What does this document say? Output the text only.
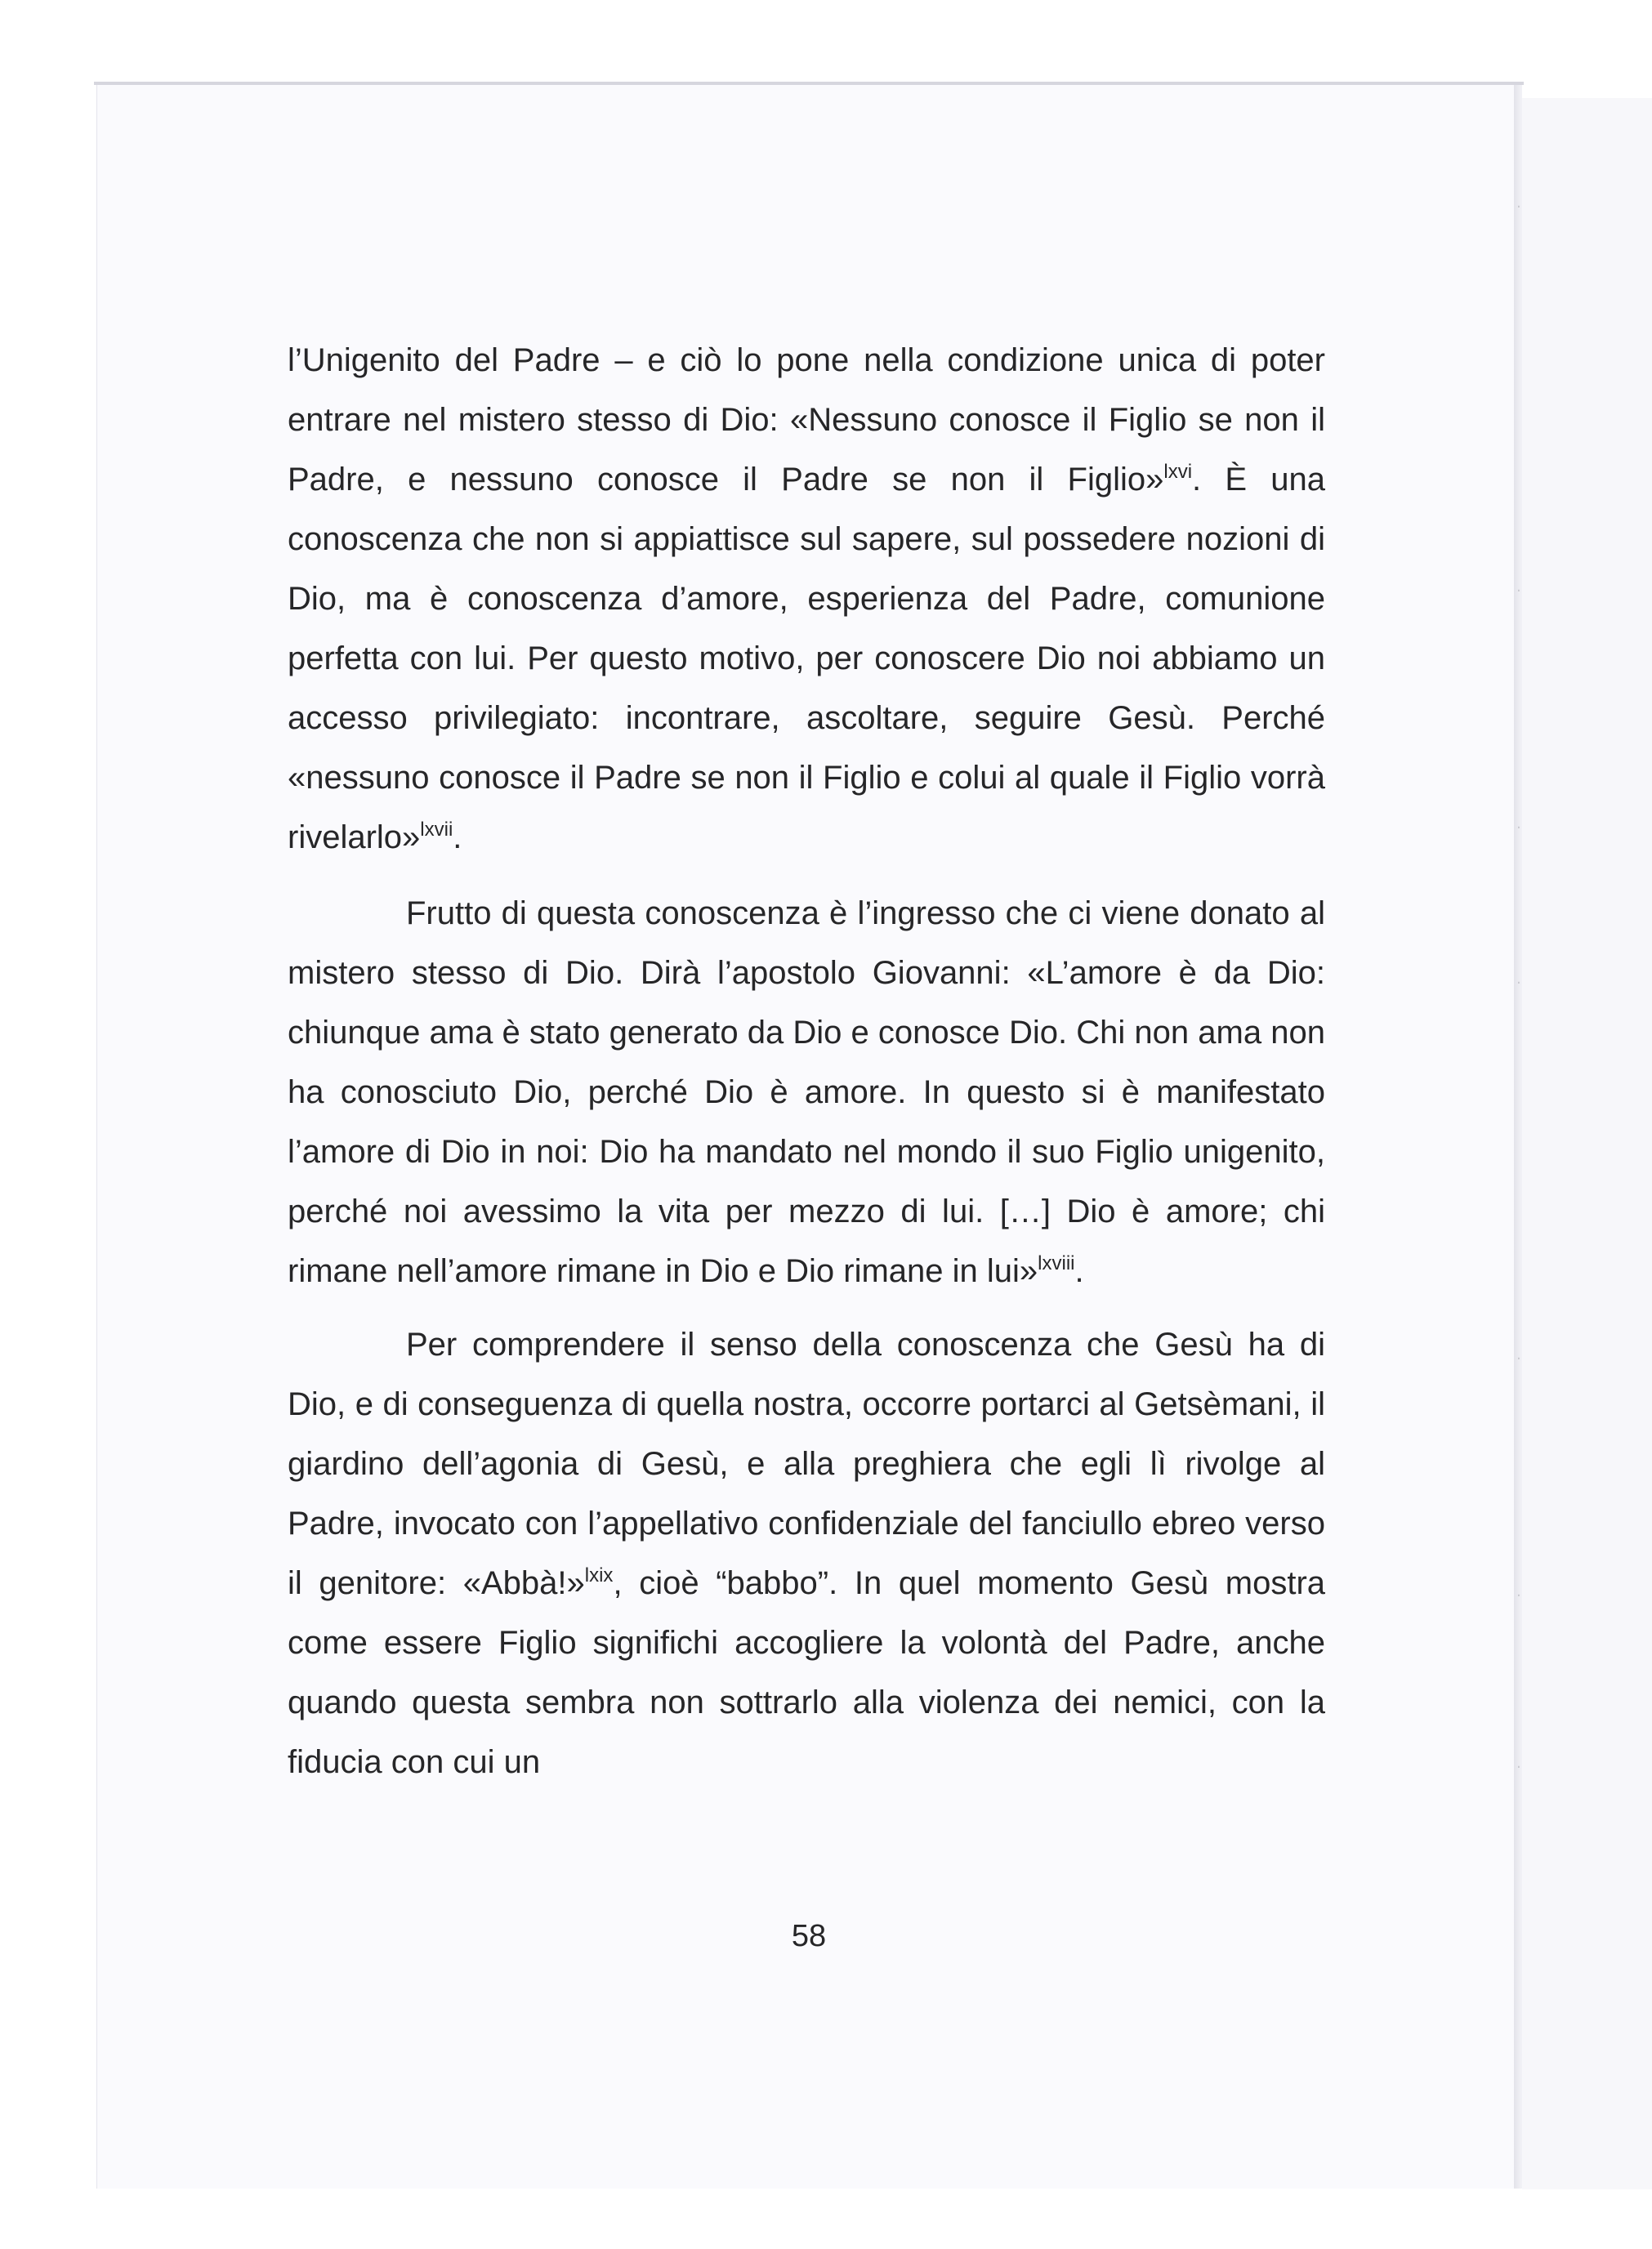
ˈ
ˈ
ˈ
ˈ
ˈ
ˈ
ˈ

l’Unigenito del Padre – e ciò lo pone nella condizione unica di poter entrare nel mistero stesso di Dio: «Nessuno conosce il Figlio se non il Padre, e nessuno conosce il Padre se non il Figlio»$^{lxvi}$. È una conoscenza che non si appiattisce sul sapere, sul possedere nozioni di Dio, ma è conoscenza d’amore, esperienza del Padre, comunione perfetta con lui. Per questo motivo, per conoscere Dio noi abbiamo un accesso privilegiato: incontrare, ascoltare, seguire Gesù. Perché «nessuno conosce il Padre se non il Figlio e colui al quale il Figlio vorrà rivelarlo»$^{lxvii}$.

Frutto di questa conoscenza è l’ingresso che ci viene donato al mistero stesso di Dio. Dirà l’apostolo Giovanni: «L’amore è da Dio: chiunque ama è stato generato da Dio e conosce Dio. Chi non ama non ha conosciuto Dio, perché Dio è amore. In questo si è manifestato l’amore di Dio in noi: Dio ha mandato nel mondo il suo Figlio unigenito, perché noi avessimo la vita per mezzo di lui. […] Dio è amore; chi rimane nell’amore rimane in Dio e Dio rimane in lui»$^{lxviii}$.

Per comprendere il senso della conoscenza che Gesù ha di Dio, e di conseguenza di quella nostra, occorre portarci al Getsèmani, il giardino dell’agonia di Gesù, e alla preghiera che egli lì rivolge al Padre, invocato con l’appellativo confidenziale del fanciullo ebreo verso il genitore: «Abbà!»$^{lxix}$, cioè “babbo”. In quel momento Gesù mostra come essere Figlio significhi accogliere la volontà del Padre, anche quando questa sembra non sottrarlo alla violenza dei nemici, con la fiducia con cui un

58
